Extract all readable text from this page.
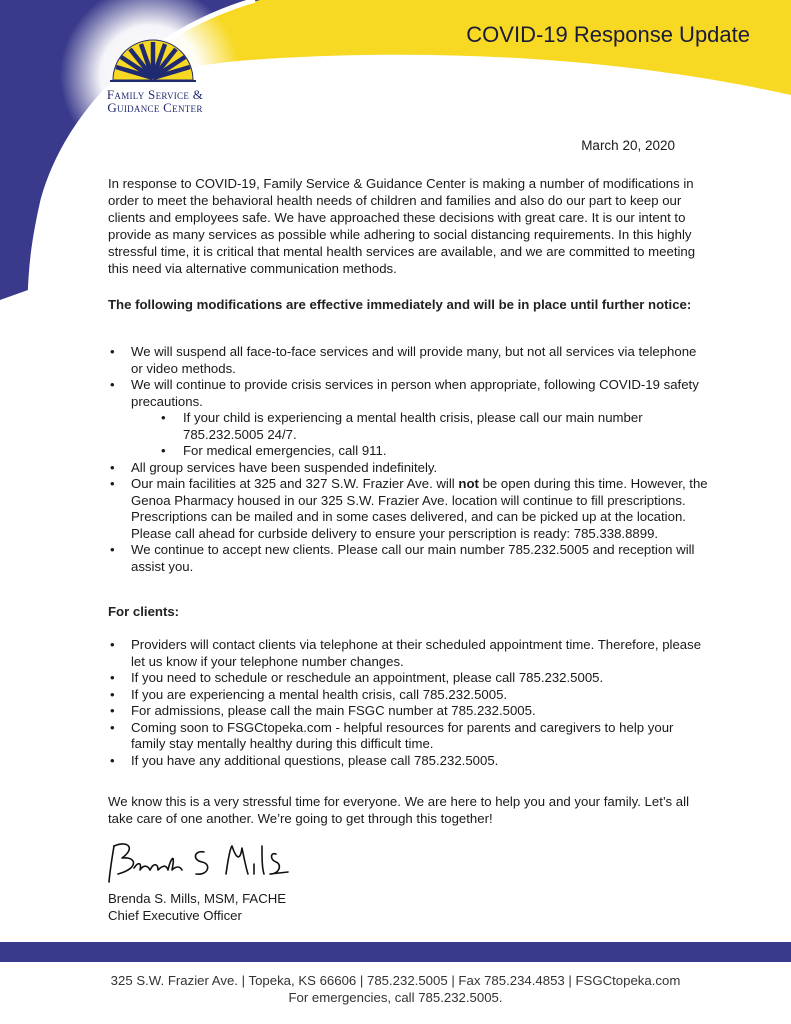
Family Service &
Guidance Center
COVID-19 Response Update
March 20, 2020
In response to COVID-19, Family Service & Guidance Center is making a number of modifications in order to meet the behavioral health needs of children and families and also do our part to keep our clients and employees safe. We have approached these decisions with great care. It is our intent to provide as many services as possible while adhering to social distancing requirements. In this highly stressful time, it is critical that mental health services are available, and we are committed to meeting this need via alternative communication methods.
The following modifications are effective immediately and will be in place until further notice:
• We will suspend all face-to-face services and will provide many, but not all services via telephone or video methods.
• We will continue to provide crisis services in person when appropriate, following COVID-19 safety precautions.
• If your child is experiencing a mental health crisis, please call our main number 785.232.5005 24/7.
• For medical emergencies, call 911.
• All group services have been suspended indefinitely.
• Our main facilities at 325 and 327 S.W. Frazier Ave. will not be open during this time. However, the Genoa Pharmacy housed in our 325 S.W. Frazier Ave. location will continue to fill prescriptions. Prescriptions can be mailed and in some cases delivered, and can be picked up at the location. Please call ahead for curbside delivery to ensure your perscription is ready: 785.338.8899.
• We continue to accept new clients. Please call our main number 785.232.5005 and reception will assist you.
For clients:
• Providers will contact clients via telephone at their scheduled appointment time. Therefore, please let us know if your telephone number changes.
• If you need to schedule or reschedule an appointment, please call 785.232.5005.
• If you are experiencing a mental health crisis, call 785.232.5005.
• For admissions, please call the main FSGC number at 785.232.5005.
• Coming soon to FSGCtopeka.com - helpful resources for parents and caregivers to help your family stay mentally healthy during this difficult time.
• If you have any additional questions, please call 785.232.5005.
We know this is a very stressful time for everyone. We are here to help you and your family. Let’s all take care of one another. We’re going to get through this together!
Brenda S. Mills, MSM, FACHE
Chief Executive Officer
325 S.W. Frazier Ave. | Topeka, KS 66606 | 785.232.5005 | Fax 785.234.4853 | FSGCtopeka.com
For emergencies, call 785.232.5005.
